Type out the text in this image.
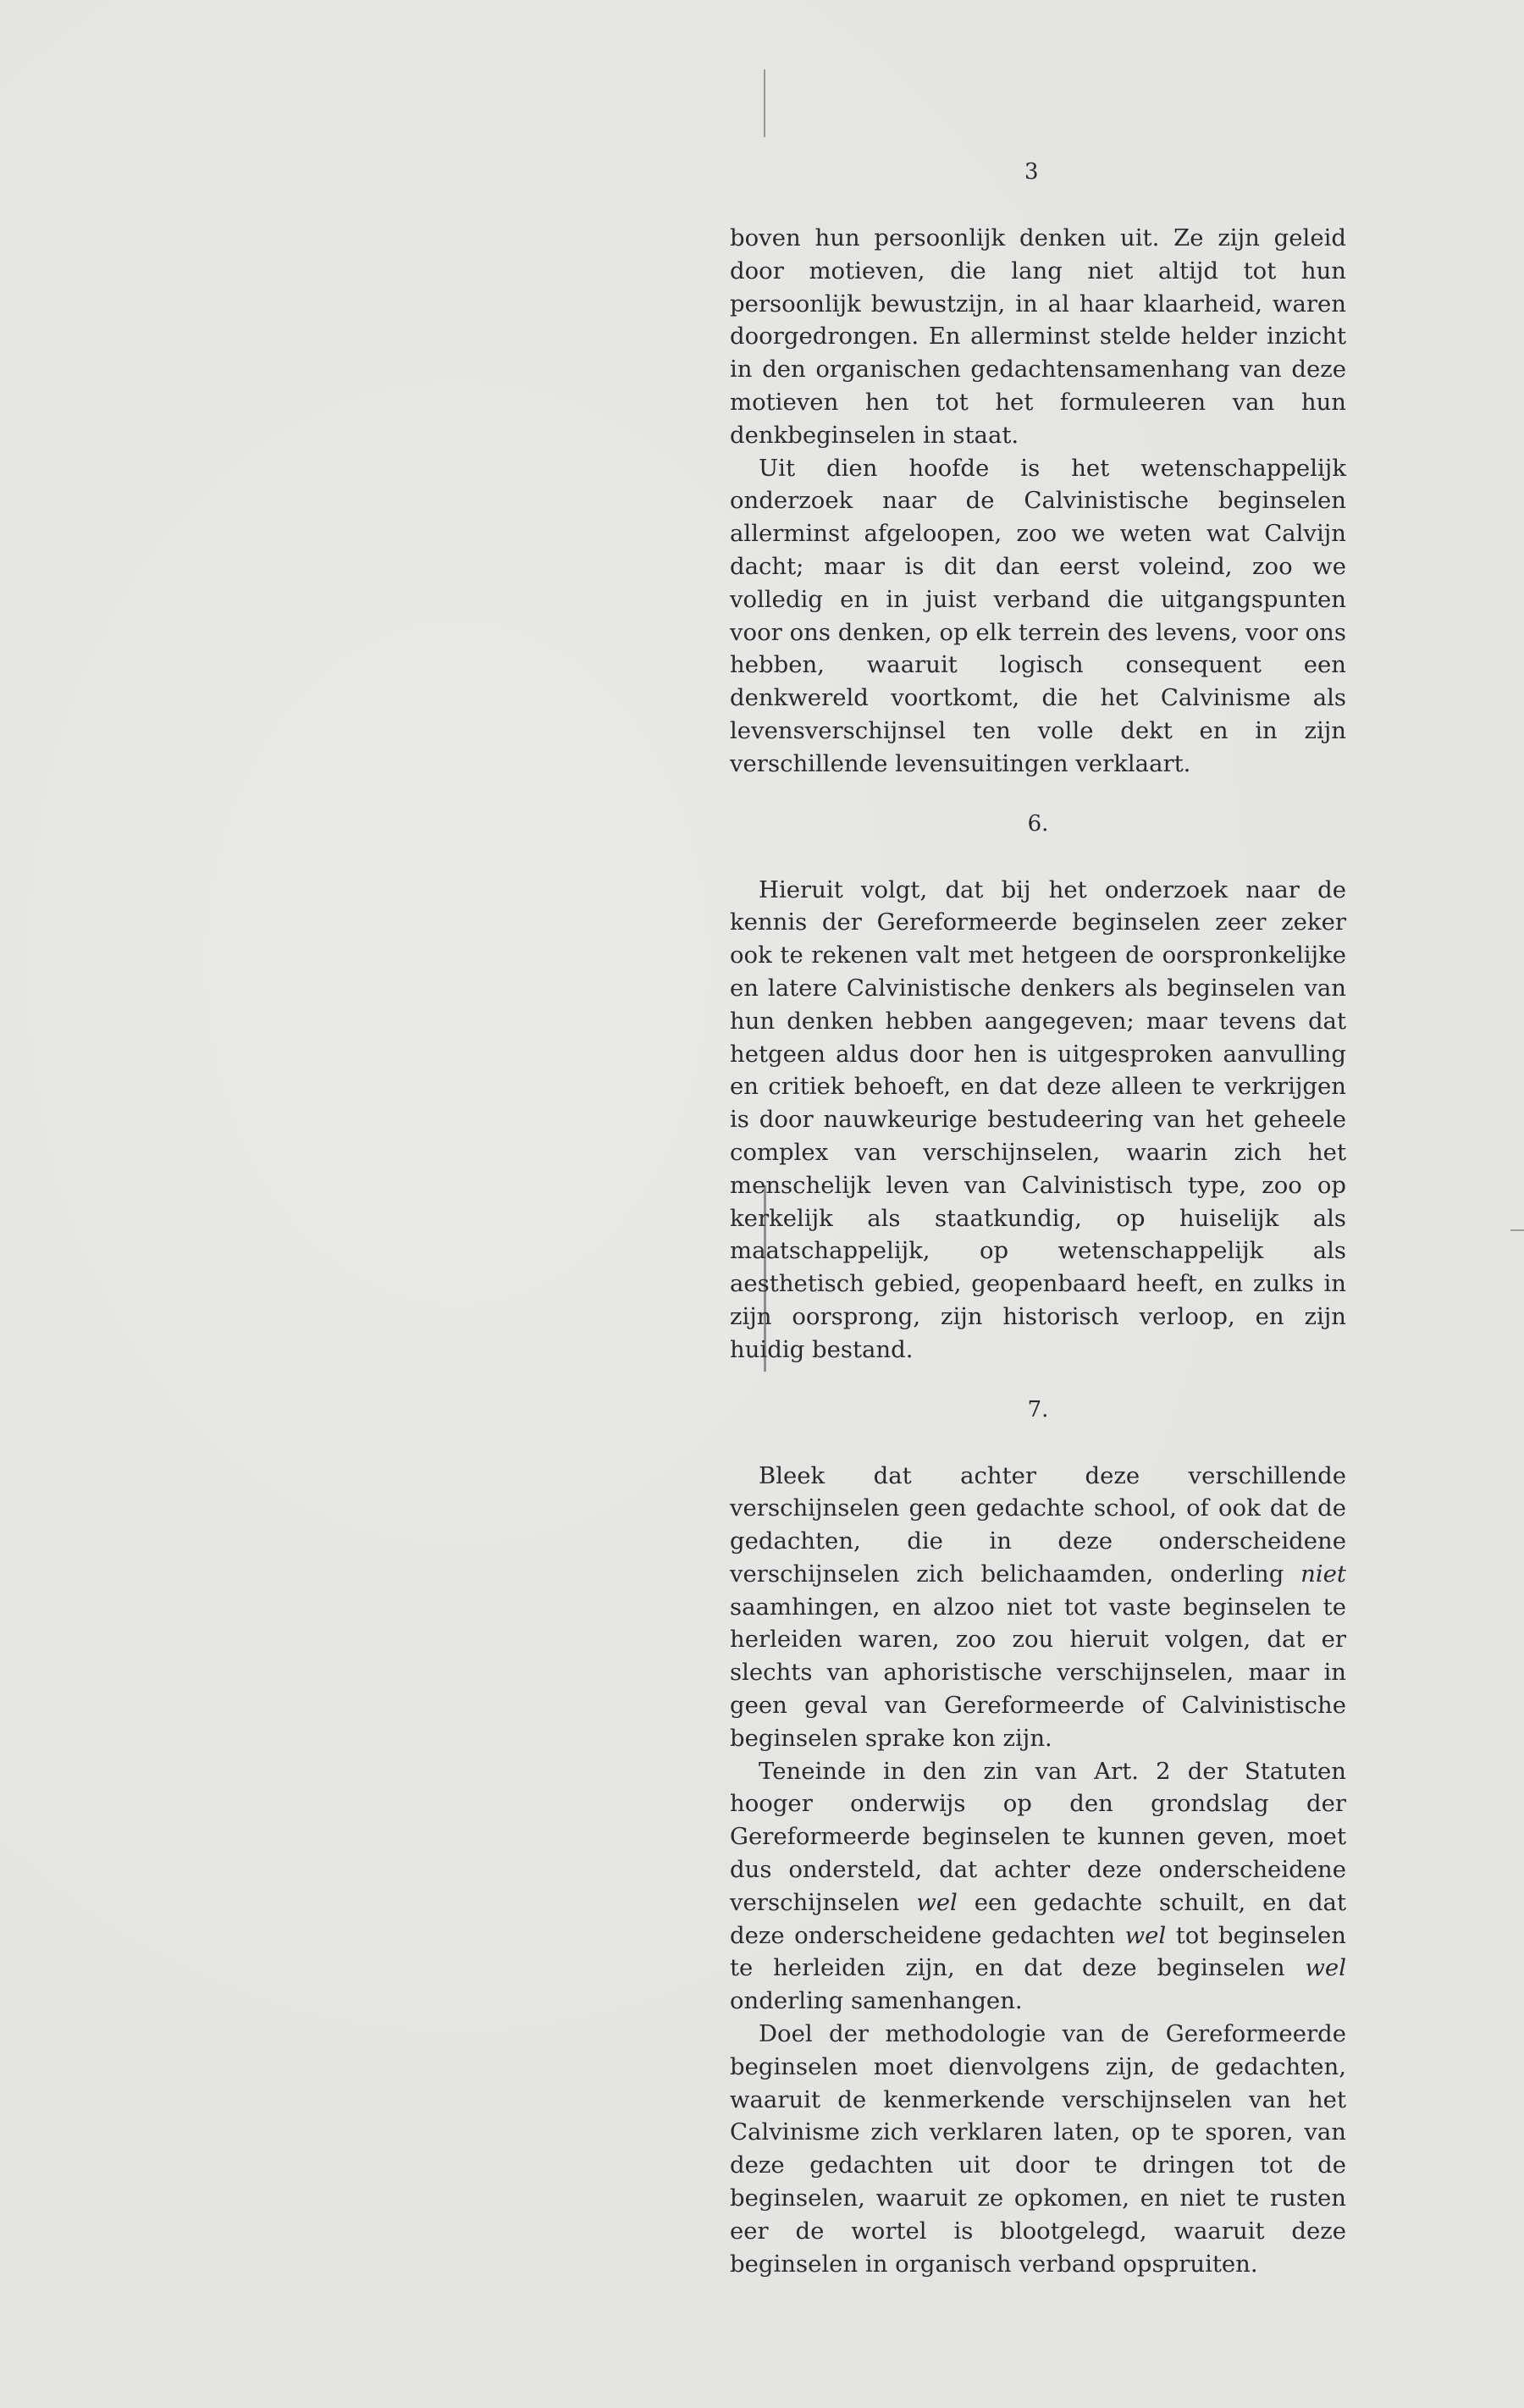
3

boven hun persoonlijk denken uit. Ze zijn geleid door motieven, die lang niet altijd tot hun persoonlijk bewustzijn, in al haar klaarheid, waren doorgedrongen. En allerminst stelde helder inzicht in den organischen gedachtensamenhang van deze motieven hen tot het formuleeren van hun denkbeginselen in staat.

Uit dien hoofde is het wetenschappelijk onderzoek naar de Calvinistische beginselen allerminst afgeloopen, zoo we weten wat Calvijn dacht; maar is dit dan eerst voleind, zoo we volledig en in juist verband die uitgangspunten voor ons denken, op elk terrein des levens, voor ons hebben, waaruit logisch consequent een denkwereld voortkomt, die het Calvinisme als levensverschijnsel ten volle dekt en in zijn verschillende levensuitingen verklaart.

6.

Hieruit volgt, dat bij het onderzoek naar de kennis der Gereformeerde beginselen zeer zeker ook te rekenen valt met hetgeen de oorspronkelijke en latere Calvinistische denkers als beginselen van hun denken hebben aangegeven; maar tevens dat hetgeen aldus door hen is uitgesproken aanvulling en critiek behoeft, en dat deze alleen te verkrijgen is door nauwkeurige bestudeering van het geheele complex van verschijnselen, waarin zich het menschelijk leven van Calvinistisch type, zoo op kerkelijk als staatkundig, op huiselijk als maatschappelijk, op wetenschappelijk als aesthetisch gebied, geopenbaard heeft, en zulks in zijn oorsprong, zijn historisch verloop, en zijn huidig bestand.

7.

Bleek dat achter deze verschillende verschijnselen geen gedachte school, of ook dat de gedachten, die in deze onderscheidene verschijnselen zich belichaamden, onderling niet saamhingen, en alzoo niet tot vaste beginselen te herleiden waren, zoo zou hieruit volgen, dat er slechts van aphoristische verschijnselen, maar in geen geval van Gereformeerde of Calvinistische beginselen sprake kon zijn.

Teneinde in den zin van Art. 2 der Statuten hooger onderwijs op den grondslag der Gereformeerde beginselen te kunnen geven, moet dus ondersteld, dat achter deze onderscheidene verschijnselen wel een gedachte schuilt, en dat deze onderscheidene gedachten wel tot beginselen te herleiden zijn, en dat deze beginselen wel onderling samenhangen.

Doel der methodologie van de Gereformeerde beginselen moet dienvolgens zijn, de gedachten, waaruit de kenmerkende verschijnselen van het Calvinisme zich verklaren laten, op te sporen, van deze gedachten uit door te dringen tot de beginselen, waaruit ze opkomen, en niet te rusten eer de wortel is blootgelegd, waaruit deze beginselen in organisch verband opspruiten.
